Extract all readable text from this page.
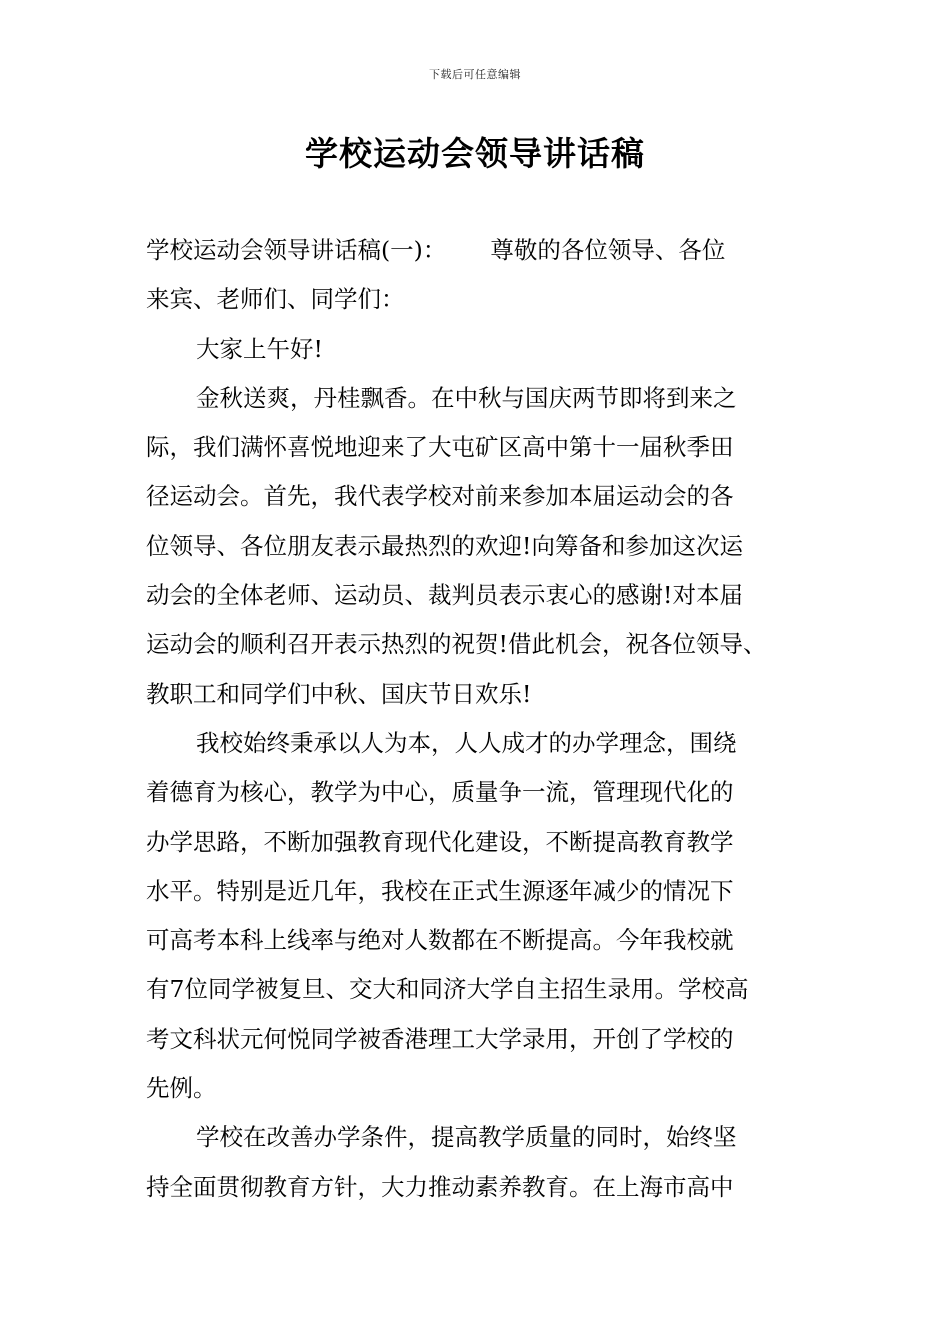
下载后可任意编辑
学校运动会领导讲话稿
学校运动会领导讲话稿(一)： 尊敬的各位领导、各位
来宾、老师们、同学们：
大家上午好!
金秋送爽，丹桂飘香。在中秋与国庆两节即将到来之
际，我们满怀喜悦地迎来了大屯矿区高中第十一届秋季田
径运动会。首先，我代表学校对前来参加本届运动会的各
位领导、各位朋友表示最热烈的欢迎!向筹备和参加这次运
动会的全体老师、运动员、裁判员表示衷心的感谢!对本届
运动会的顺利召开表示热烈的祝贺!借此机会，祝各位领导、
教职工和同学们中秋、国庆节日欢乐!
我校始终秉承以人为本，人人成才的办学理念，围绕
着德育为核心，教学为中心，质量争一流，管理现代化的
办学思路，不断加强教育现代化建设，不断提高教育教学
水平。特别是近几年，我校在正式生源逐年减少的情况下
可高考本科上线率与绝对人数都在不断提高。今年我校就
有7位同学被复旦、交大和同济大学自主招生录用。学校高
考文科状元何悦同学被香港理工大学录用，开创了学校的
先例。
学校在改善办学条件，提高教学质量的同时，始终坚
持全面贯彻教育方针，大力推动素养教育。在上海市高中
